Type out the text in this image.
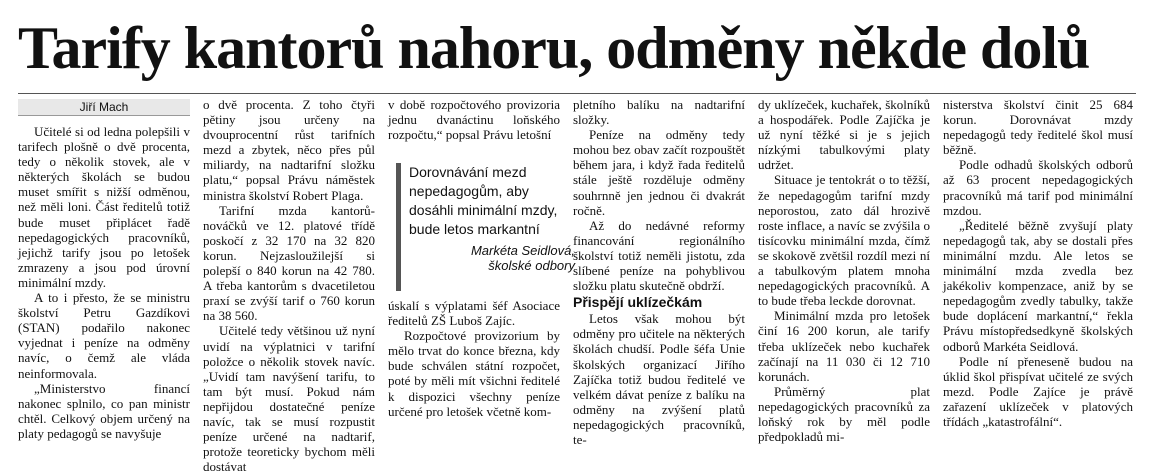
Tarify kantorů nahoru, odměny někde dolů
Jiří Mach

Učitelé si od ledna polepšili v tarifech plošně o dvě procenta, tedy o několik stovek, ale v některých školách se budou muset smířit s nižší odměnou, než měli loni. Část ředitelů totiž bude muset připlácet řadě nepedagogických pracovníků, jejichž tarify jsou po letošek zmrazeny a jsou pod úrovní minimální mzdy.

A to i přesto, že se ministru školství Petru Gazdíkovi (STAN) podařilo nakonec vyjednat i peníze na odměny navíc, o čemž ale vláda neinformovala.

„Ministerstvo financí nakonec splnilo, co pan ministr chtěl. Celkový objem určený na platy pedagogů se navyšuje

o dvě procenta. Z toho čtyři pětiny jsou určeny na dvouprocentní růst tarifních mezd a zbytek, něco přes půl miliardy, na nadtarifní složku platu,“ popsal Právu náměstek ministra školství Robert Plaga.

Tarifní mzda kantorů-nováčků ve 12. platové třídě poskočí z 32 170 na 32 820 korun. Nejzasloužilejší si polepší o 840 korun na 42 780. A třeba kantorům s dvacetiletou praxí se zvýší tarif o 760 korun na 38 560.

Učitelé tedy většinou už nyní uvidí na výplatnici v tarifní položce o několik stovek navíc. „Uvidí tam navýšení tarifu, to tam být musí. Pokud nám nepřijdou dostatečné peníze navíc, tak se musí rozpustit peníze určené na nadtarif, protože teoreticky bychom měli dostávat

v době rozpočtového provizoria jednu dvanáctinu loňského rozpočtu,“ popsal Právu letošní

Dorovnávání mezd nepedagogům, aby dosáhli minimální mzdy, bude letos markantní

Markéta Seidlová,

školské odbory

úskalí s výplatami šéf Asociace ředitelů ZŠ Luboš Zajíc.

Rozpočtové provizorium by mělo trvat do konce března, kdy bude schválen státní rozpočet, poté by měli mít všichni ředitelé k dispozici všechny peníze určené pro letošek včetně kom-

pletního balíku na nadtarifní složky.

Peníze na odměny tedy mohou bez obav začít rozpouštět během jara, i když řada ředitelů stále ještě rozděluje odměny souhrnně jen jednou či dvakrát ročně.

Až do nedávné reformy financování regionálního školství totiž neměli jistotu, zda slíbené peníze na pohyblivou složku platu skutečně obdrží.

Přispějí uklízečkám

Letos však mohou být odměny pro učitele na některých školách chudší. Podle šéfa Unie školských organizací Jiřího Zajíčka totiž budou ředitelé ve velkém dávat peníze z balíku na odměny na zvýšení platů nepedagogických pracovníků, te-

dy uklízeček, kuchařek, školníků a hospodářek. Podle Zajíčka je už nyní těžké si je s jejich nízkými tabulkovými platy udržet.

Situace je tentokrát o to těžší, že nepedagogům tarifní mzdy neporostou, zato dál hrozivě roste inflace, a navíc se zvýšila o tisícovku minimální mzda, čímž se skokově zvětšil rozdíl mezi ní a tabulkovým platem mnoha nepedagogických pracovníků. A to bude třeba leckde dorovnat.

Minimální mzda pro letošek činí 16 200 korun, ale tarify třeba uklízeček nebo kuchařek začínají na 11 030 či 12 710 korunách.

Průměrný plat nepedagogických pracovníků za loňský rok by měl podle předpokladů mi-

nisterstva školství činit 25 684 korun. Dorovnávat mzdy nepedagogů tedy ředitelé škol musí běžně.

Podle odhadů školských odborů až 63 procent nepedagogických pracovníků má tarif pod minimální mzdou.

„Ředitelé běžně zvyšují platy nepedagogů tak, aby se dostali přes minimální mzdu. Ale letos se minimální mzda zvedla bez jakékoliv kompenzace, aniž by se nepedagogům zvedly tabulky, takže bude doplácení markantní,“ řekla Právu místopředsedkyně školských odborů Markéta Seidlová.

Podle ní přeneseně budou na úklid škol přispívat učitelé ze svých mezd. Podle Zajíce je právě zařazení uklízeček v platových třídách „katastrofální“.
